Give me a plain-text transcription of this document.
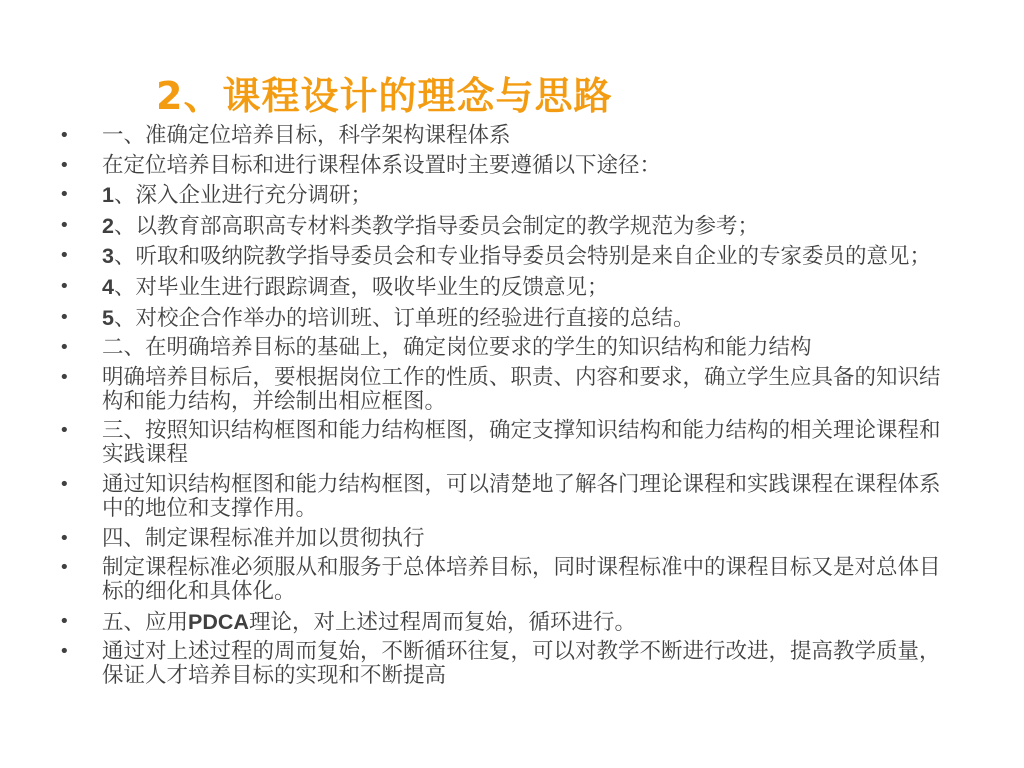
2、课程设计的理念与思路
• 一、准确定位培养目标，科学架构课程体系
• 在定位培养目标和进行课程体系设置时主要遵循以下途径：
• 1、深入企业进行充分调研；
• 2、以教育部高职高专材料类教学指导委员会制定的教学规范为参考；
• 3、听取和吸纳院教学指导委员会和专业指导委员会特别是来自企业的专家委员的意见；
• 4、对毕业生进行跟踪调查，吸收毕业生的反馈意见；
• 5、对校企合作举办的培训班、订单班的经验进行直接的总结。
• 二、在明确培养目标的基础上，确定岗位要求的学生的知识结构和能力结构
• 明确培养目标后，要根据岗位工作的性质、职责、内容和要求，确立学生应具备的知识结构和能力结构，并绘制出相应框图。
• 三、按照知识结构框图和能力结构框图，确定支撑知识结构和能力结构的相关理论课程和实践课程
• 通过知识结构框图和能力结构框图，可以清楚地了解各门理论课程和实践课程在课程体系中的地位和支撑作用。
• 四、制定课程标准并加以贯彻执行
• 制定课程标准必须服从和服务于总体培养目标，同时课程标准中的课程目标又是对总体目标的细化和具体化。
• 五、应用PDCA理论，对上述过程周而复始，循环进行。
• 通过对上述过程的周而复始，不断循环往复，可以对教学不断进行改进，提高教学质量，保证人才培养目标的实现和不断提高
